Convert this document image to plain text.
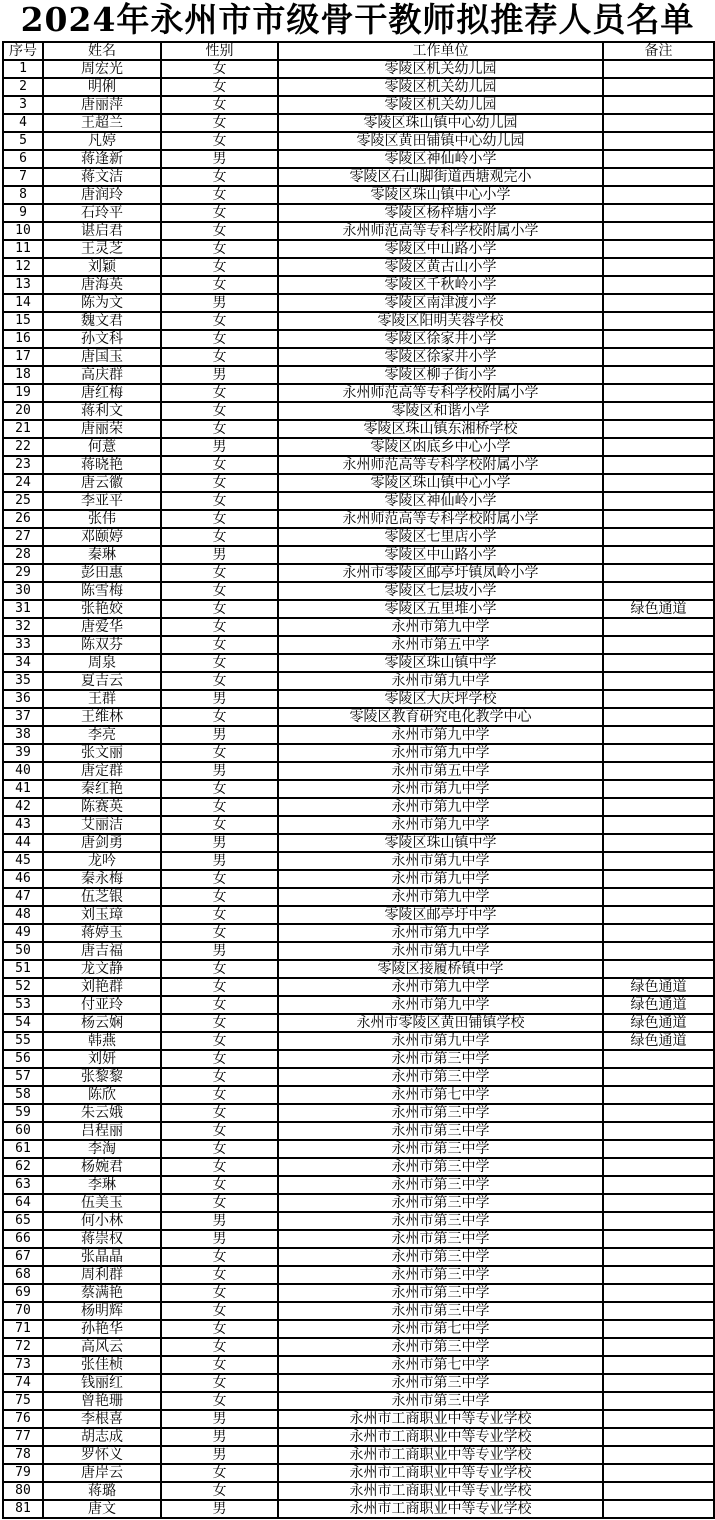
2024年永州市市级骨干教师拟推荐人员名单
序号	姓名	性别	工作单位	备注
1	周宏光	女	零陵区机关幼儿园	
2	明俐	女	零陵区机关幼儿园	
3	唐丽萍	女	零陵区机关幼儿园	
4	王超兰	女	零陵区珠山镇中心幼儿园	
5	凡婷	女	零陵区黄田铺镇中心幼儿园	
6	蒋逢新	男	零陵区神仙岭小学	
7	蒋文洁	女	零陵区石山脚街道西塘观完小	
8	唐润玲	女	零陵区珠山镇中心小学	
9	石玲平	女	零陵区杨梓塘小学	
10	谌启君	女	永州师范高等专科学校附属小学	
11	王灵芝	女	零陵区中山路小学	
12	刘颖	女	零陵区黄古山小学	
13	唐海英	女	零陵区千秋岭小学	
14	陈为文	男	零陵区南津渡小学	
15	魏文君	女	零陵区阳明芙蓉学校	
16	孙文科	女	零陵区徐家井小学	
17	唐国玉	女	零陵区徐家井小学	
18	高庆群	男	零陵区柳子街小学	
19	唐红梅	女	永州师范高等专科学校附属小学	
20	蒋利文	女	零陵区和谐小学	
21	唐丽荣	女	零陵区珠山镇东湘桥学校	
22	何薏	男	零陵区凼底乡中心小学	
23	蒋晓艳	女	永州师范高等专科学校附属小学	
24	唐云徽	女	零陵区珠山镇中心小学	
25	李亚平	女	零陵区神仙岭小学	
26	张伟	女	永州师范高等专科学校附属小学	
27	邓颐婷	女	零陵区七里店小学	
28	秦琳	男	零陵区中山路小学	
29	彭田惠	女	永州市零陵区邮亭圩镇凤岭小学	
30	陈雪梅	女	零陵区七层坡小学	
31	张艳姣	女	零陵区五里堆小学	绿色通道
32	唐爱华	女	永州市第九中学	
33	陈双芬	女	永州市第五中学	
34	周泉	女	零陵区珠山镇中学	
35	夏吉云	女	永州市第九中学	
36	王群	男	零陵区大庆坪学校	
37	王维林	女	零陵区教育研究电化教学中心	
38	李亮	男	永州市第九中学	
39	张文丽	女	永州市第九中学	
40	唐定群	男	永州市第五中学	
41	秦红艳	女	永州市第九中学	
42	陈赛英	女	永州市第九中学	
43	艾丽洁	女	永州市第九中学	
44	唐剑勇	男	零陵区珠山镇中学	
45	龙吟	男	永州市第九中学	
46	秦永梅	女	永州市第九中学	
47	伍芝银	女	永州市第九中学	
48	刘玉璋	女	零陵区邮亭圩中学	
49	蒋婷玉	女	永州市第九中学	
50	唐吉福	男	永州市第九中学	
51	龙文静	女	零陵区接履桥镇中学	
52	刘艳群	女	永州市第九中学	绿色通道
53	付亚玲	女	永州市第九中学	绿色通道
54	杨云娴	女	永州市零陵区黄田铺镇学校	绿色通道
55	韩燕	女	永州市第九中学	绿色通道
56	刘妍	女	永州市第三中学	
57	张黎黎	女	永州市第三中学	
58	陈欣	女	永州市第七中学	
59	朱云娥	女	永州市第三中学	
60	吕程丽	女	永州市第三中学	
61	李淘	女	永州市第三中学	
62	杨婉君	女	永州市第三中学	
63	李琳	女	永州市第三中学	
64	伍美玉	女	永州市第三中学	
65	何小林	男	永州市第三中学	
66	蒋崇权	男	永州市第三中学	
67	张晶晶	女	永州市第三中学	
68	周利群	女	永州市第三中学	
69	蔡满艳	女	永州市第三中学	
70	杨明辉	女	永州市第三中学	
71	孙艳华	女	永州市第七中学	
72	高风云	女	永州市第三中学	
73	张佳桢	女	永州市第七中学	
74	钱丽红	女	永州市第三中学	
75	曾艳珊	女	永州市第三中学	
76	李根喜	男	永州市工商职业中等专业学校	
77	胡志成	男	永州市工商职业中等专业学校	
78	罗怀义	男	永州市工商职业中等专业学校	
79	唐岸云	女	永州市工商职业中等专业学校	
80	蒋璐	女	永州市工商职业中等专业学校	
81	唐文	男	永州市工商职业中等专业学校	
